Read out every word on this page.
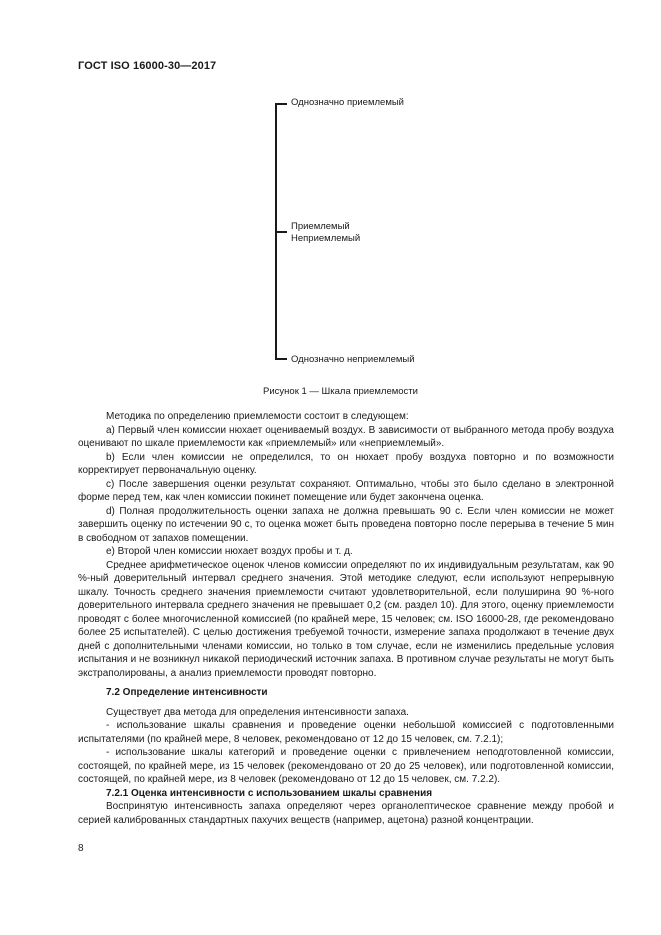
ГОСТ ISO 16000-30—2017
Однозначно приемлемый
Приемлемый
Неприемлемый
Однозначно неприемлемый
Рисунок 1 — Шкала приемлемости

Методика по определению приемлемости состоит в следующем:

a) Первый член комиссии нюхает оцениваемый воздух. В зависимости от выбранного метода пробу воздуха оценивают по шкале приемлемости как «приемлемый» или «неприемлемый».

b) Если член комиссии не определился, то он нюхает пробу воздуха повторно и по возможности корректирует первоначальную оценку.

c) После завершения оценки результат сохраняют. Оптимально, чтобы это было сделано в электронной форме перед тем, как член комиссии покинет помещение или будет закончена оценка.

d) Полная продолжительность оценки запаха не должна превышать 90 с. Если член комиссии не может завершить оценку по истечении 90 с, то оценка может быть проведена повторно после перерыва в течение 5 мин в свободном от запахов помещении.

e) Второй член комиссии нюхает воздух пробы и т. д.

Среднее арифметическое оценок членов комиссии определяют по их индивидуальным результатам, как 90 %-ный доверительный интервал среднего значения. Этой методике следуют, если используют непрерывную шкалу. Точность среднего значения приемлемости считают удовлетворительной, если полуширина 90 %-ного доверительного интервала среднего значения не превышает 0,2 (см. раздел 10). Для этого, оценку приемлемости проводят с более многочисленной комиссией (по крайней мере, 15 человек; см. ISO 16000-28, где рекомендовано более 25 испытателей). С целью достижения требуемой точности, измерение запаха продолжают в течение двух дней с дополнительными членами комиссии, но только в том случае, если не изменились предельные условия испытания и не возникнул никакой периодический источник запаха. В противном случае результаты не могут быть экстраполированы, а анализ приемлемости проводят повторно.

7.2 Определение интенсивности

Существует два метода для определения интенсивности запаха.

- использование шкалы сравнения и проведение оценки небольшой комиссией с подготовленными испытателями (по крайней мере, 8 человек, рекомендовано от 12 до 15 человек, см. 7.2.1);

- использование шкалы категорий и проведение оценки с привлечением неподготовленной комиссии, состоящей, по крайней мере, из 15 человек (рекомендовано от 20 до 25 человек), или подготовленной комиссии, состоящей, по крайней мере, из 8 человек (рекомендовано от 12 до 15 человек, см. 7.2.2).

7.2.1 Оценка интенсивности с использованием шкалы сравнения

Воспринятую интенсивность запаха определяют через органолептическое сравнение между пробой и серией калиброванных стандартных пахучих веществ (например, ацетона) разной концентрации.

8
